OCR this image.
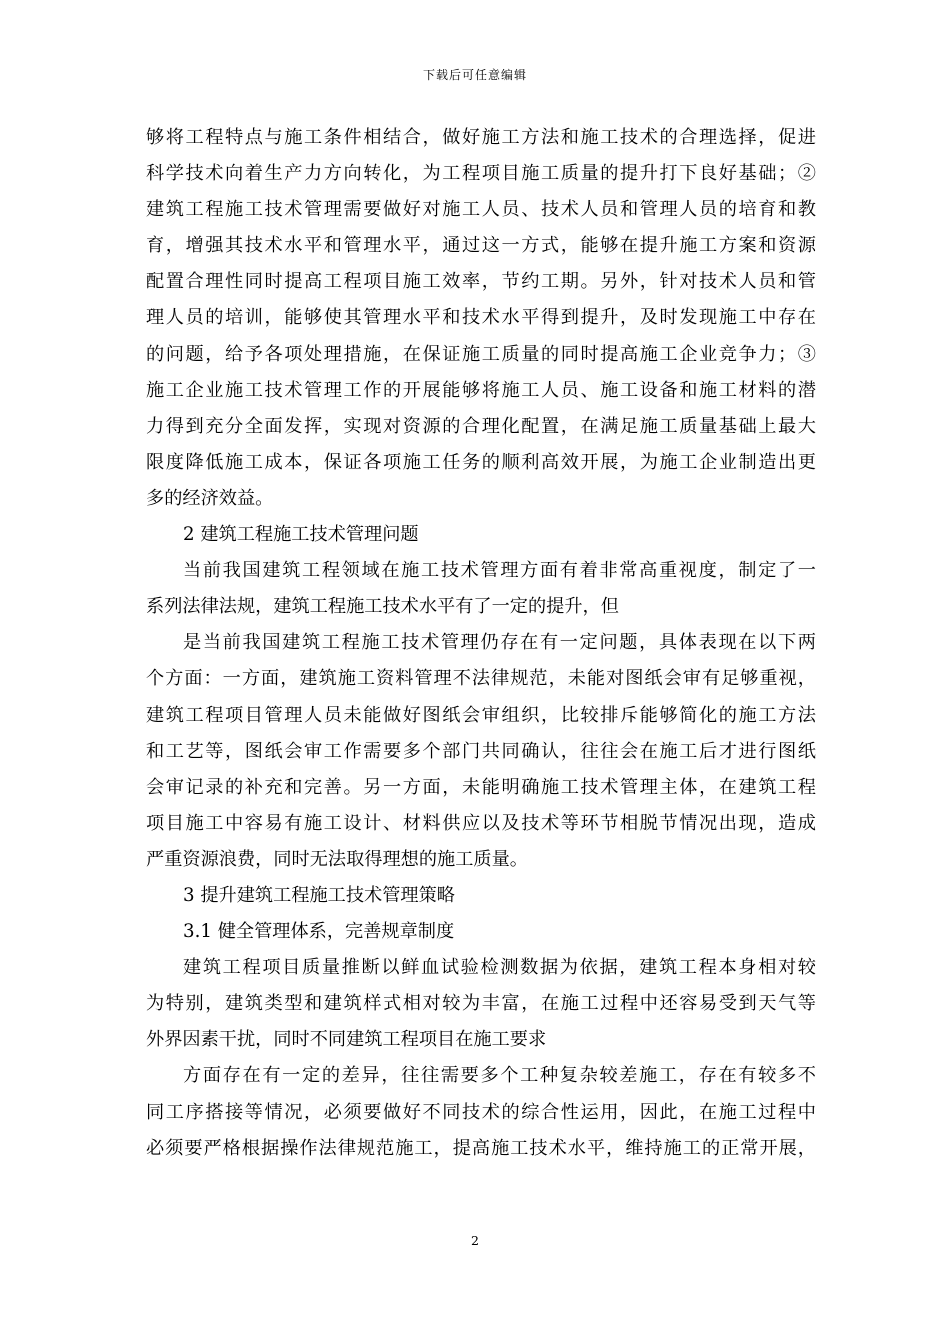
下载后可任意编辑
够将工程特点与施工条件相结合，做好施工方法和施工技术的合理选择，促进
科学技术向着生产力方向转化，为工程项目施工质量的提升打下良好基础；②
建筑工程施工技术管理需要做好对施工人员、技术人员和管理人员的培育和教
育，增强其技术水平和管理水平，通过这一方式，能够在提升施工方案和资源
配置合理性同时提高工程项目施工效率，节约工期。另外，针对技术人员和管
理人员的培训，能够使其管理水平和技术水平得到提升，及时发现施工中存在
的问题，给予各项处理措施，在保证施工质量的同时提高施工企业竞争力；③
施工企业施工技术管理工作的开展能够将施工人员、施工设备和施工材料的潜
力得到充分全面发挥，实现对资源的合理化配置，在满足施工质量基础上最大
限度降低施工成本，保证各项施工任务的顺利高效开展，为施工企业制造出更
多的经济效益。
2 建筑工程施工技术管理问题
当前我国建筑工程领域在施工技术管理方面有着非常高重视度，制定了一
系列法律法规，建筑工程施工技术水平有了一定的提升，但
是当前我国建筑工程施工技术管理仍存在有一定问题，具体表现在以下两
个方面：一方面，建筑施工资料管理不法律规范，未能对图纸会审有足够重视，
建筑工程项目管理人员未能做好图纸会审组织，比较排斥能够简化的施工方法
和工艺等，图纸会审工作需要多个部门共同确认，往往会在施工后才进行图纸
会审记录的补充和完善。另一方面，未能明确施工技术管理主体，在建筑工程
项目施工中容易有施工设计、材料供应以及技术等环节相脱节情况出现，造成
严重资源浪费，同时无法取得理想的施工质量。
3 提升建筑工程施工技术管理策略
3.1 健全管理体系，完善规章制度
建筑工程项目质量推断以鲜血试验检测数据为依据，建筑工程本身相对较
为特别，建筑类型和建筑样式相对较为丰富，在施工过程中还容易受到天气等
外界因素干扰，同时不同建筑工程项目在施工要求
方面存在有一定的差异，往往需要多个工种复杂较差施工，存在有较多不
同工序搭接等情况，必须要做好不同技术的综合性运用，因此，在施工过程中
必须要严格根据操作法律规范施工，提高施工技术水平，维持施工的正常开展，
2
